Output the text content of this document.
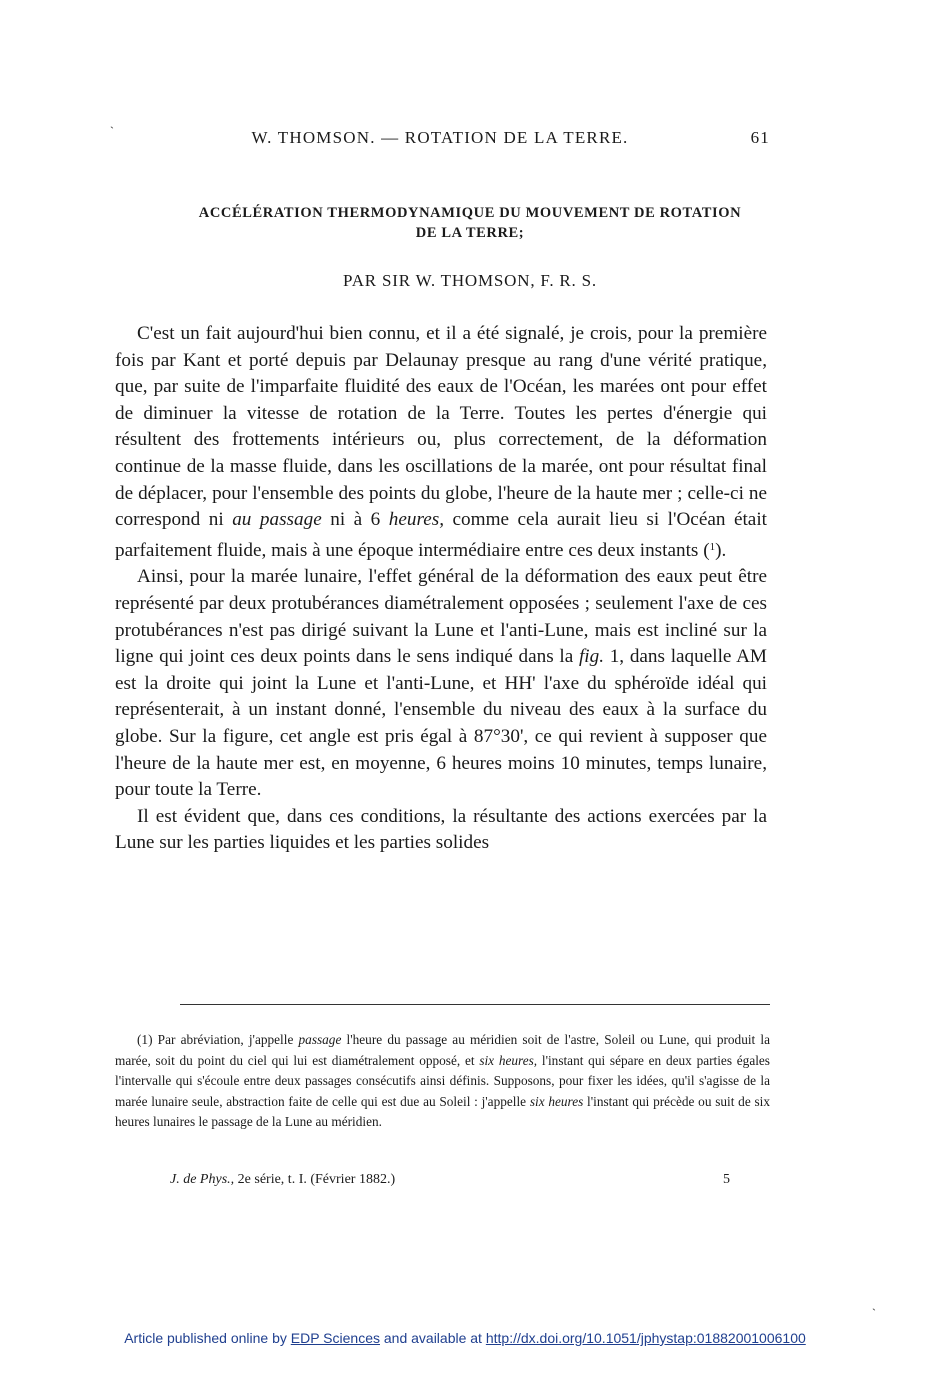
`	W. THOMSON. — ROTATION DE LA TERRE.	61
ACCÉLÉRATION THERMODYNAMIQUE DU MOUVEMENT DE ROTATION
DE LA TERRE;
PAR SIR W. THOMSON, F. R. S.

C'est un fait aujourd'hui bien connu, et il a été signalé, je crois, pour la première fois par Kant et porté depuis par Delaunay presque au rang d'une vérité pratique, que, par suite de l'imparfaite fluidité des eaux de l'Océan, les marées ont pour effet de diminuer la vitesse de rotation de la Terre. Toutes les pertes d'énergie qui résultent des frottements intérieurs ou, plus correctement, de la déformation continue de la masse fluide, dans les oscillations de la marée, ont pour résultat final de déplacer, pour l'ensemble des points du globe, l'heure de la haute mer ; celle-ci ne correspond ni au passage ni à 6 heures, comme cela aurait lieu si l'Océan était parfaitement fluide, mais à une époque intermédiaire entre ces deux instants ($^1$).

Ainsi, pour la marée lunaire, l'effet général de la déformation des eaux peut être représenté par deux protubérances diamétralement opposées ; seulement l'axe de ces protubérances n'est pas dirigé suivant la Lune et l'anti-Lune, mais est incliné sur la ligne qui joint ces deux points dans le sens indiqué dans la fig. 1, dans laquelle AM est la droite qui joint la Lune et l'anti-Lune, et HH' l'axe du sphéroïde idéal qui représenterait, à un instant donné, l'ensemble du niveau des eaux à la surface du globe. Sur la figure, cet angle est pris égal à 87°30', ce qui revient à supposer que l'heure de la haute mer est, en moyenne, 6 heures moins 10 minutes, temps lunaire, pour toute la Terre.

Il est évident que, dans ces conditions, la résultante des actions exercées par la Lune sur les parties liquides et les parties solides

(1) Par abréviation, j'appelle passage l'heure du passage au méridien soit de l'astre, Soleil ou Lune, qui produit la marée, soit du point du ciel qui lui est diamétralement opposé, et six heures, l'instant qui sépare en deux parties égales l'intervalle qui s'écoule entre deux passages consécutifs ainsi définis. Supposons, pour fixer les idées, qu'il s'agisse de la marée lunaire seule, abstraction faite de celle qui est due au Soleil : j'appelle six heures l'instant qui précède ou suit de six heures lunaires le passage de la Lune au méridien.

J. de Phys., 2e série, t. I. (Février 1882.)	5
`
Article published online by EDP Sciences and available at http://dx.doi.org/10.1051/jphystap:01882001006100
